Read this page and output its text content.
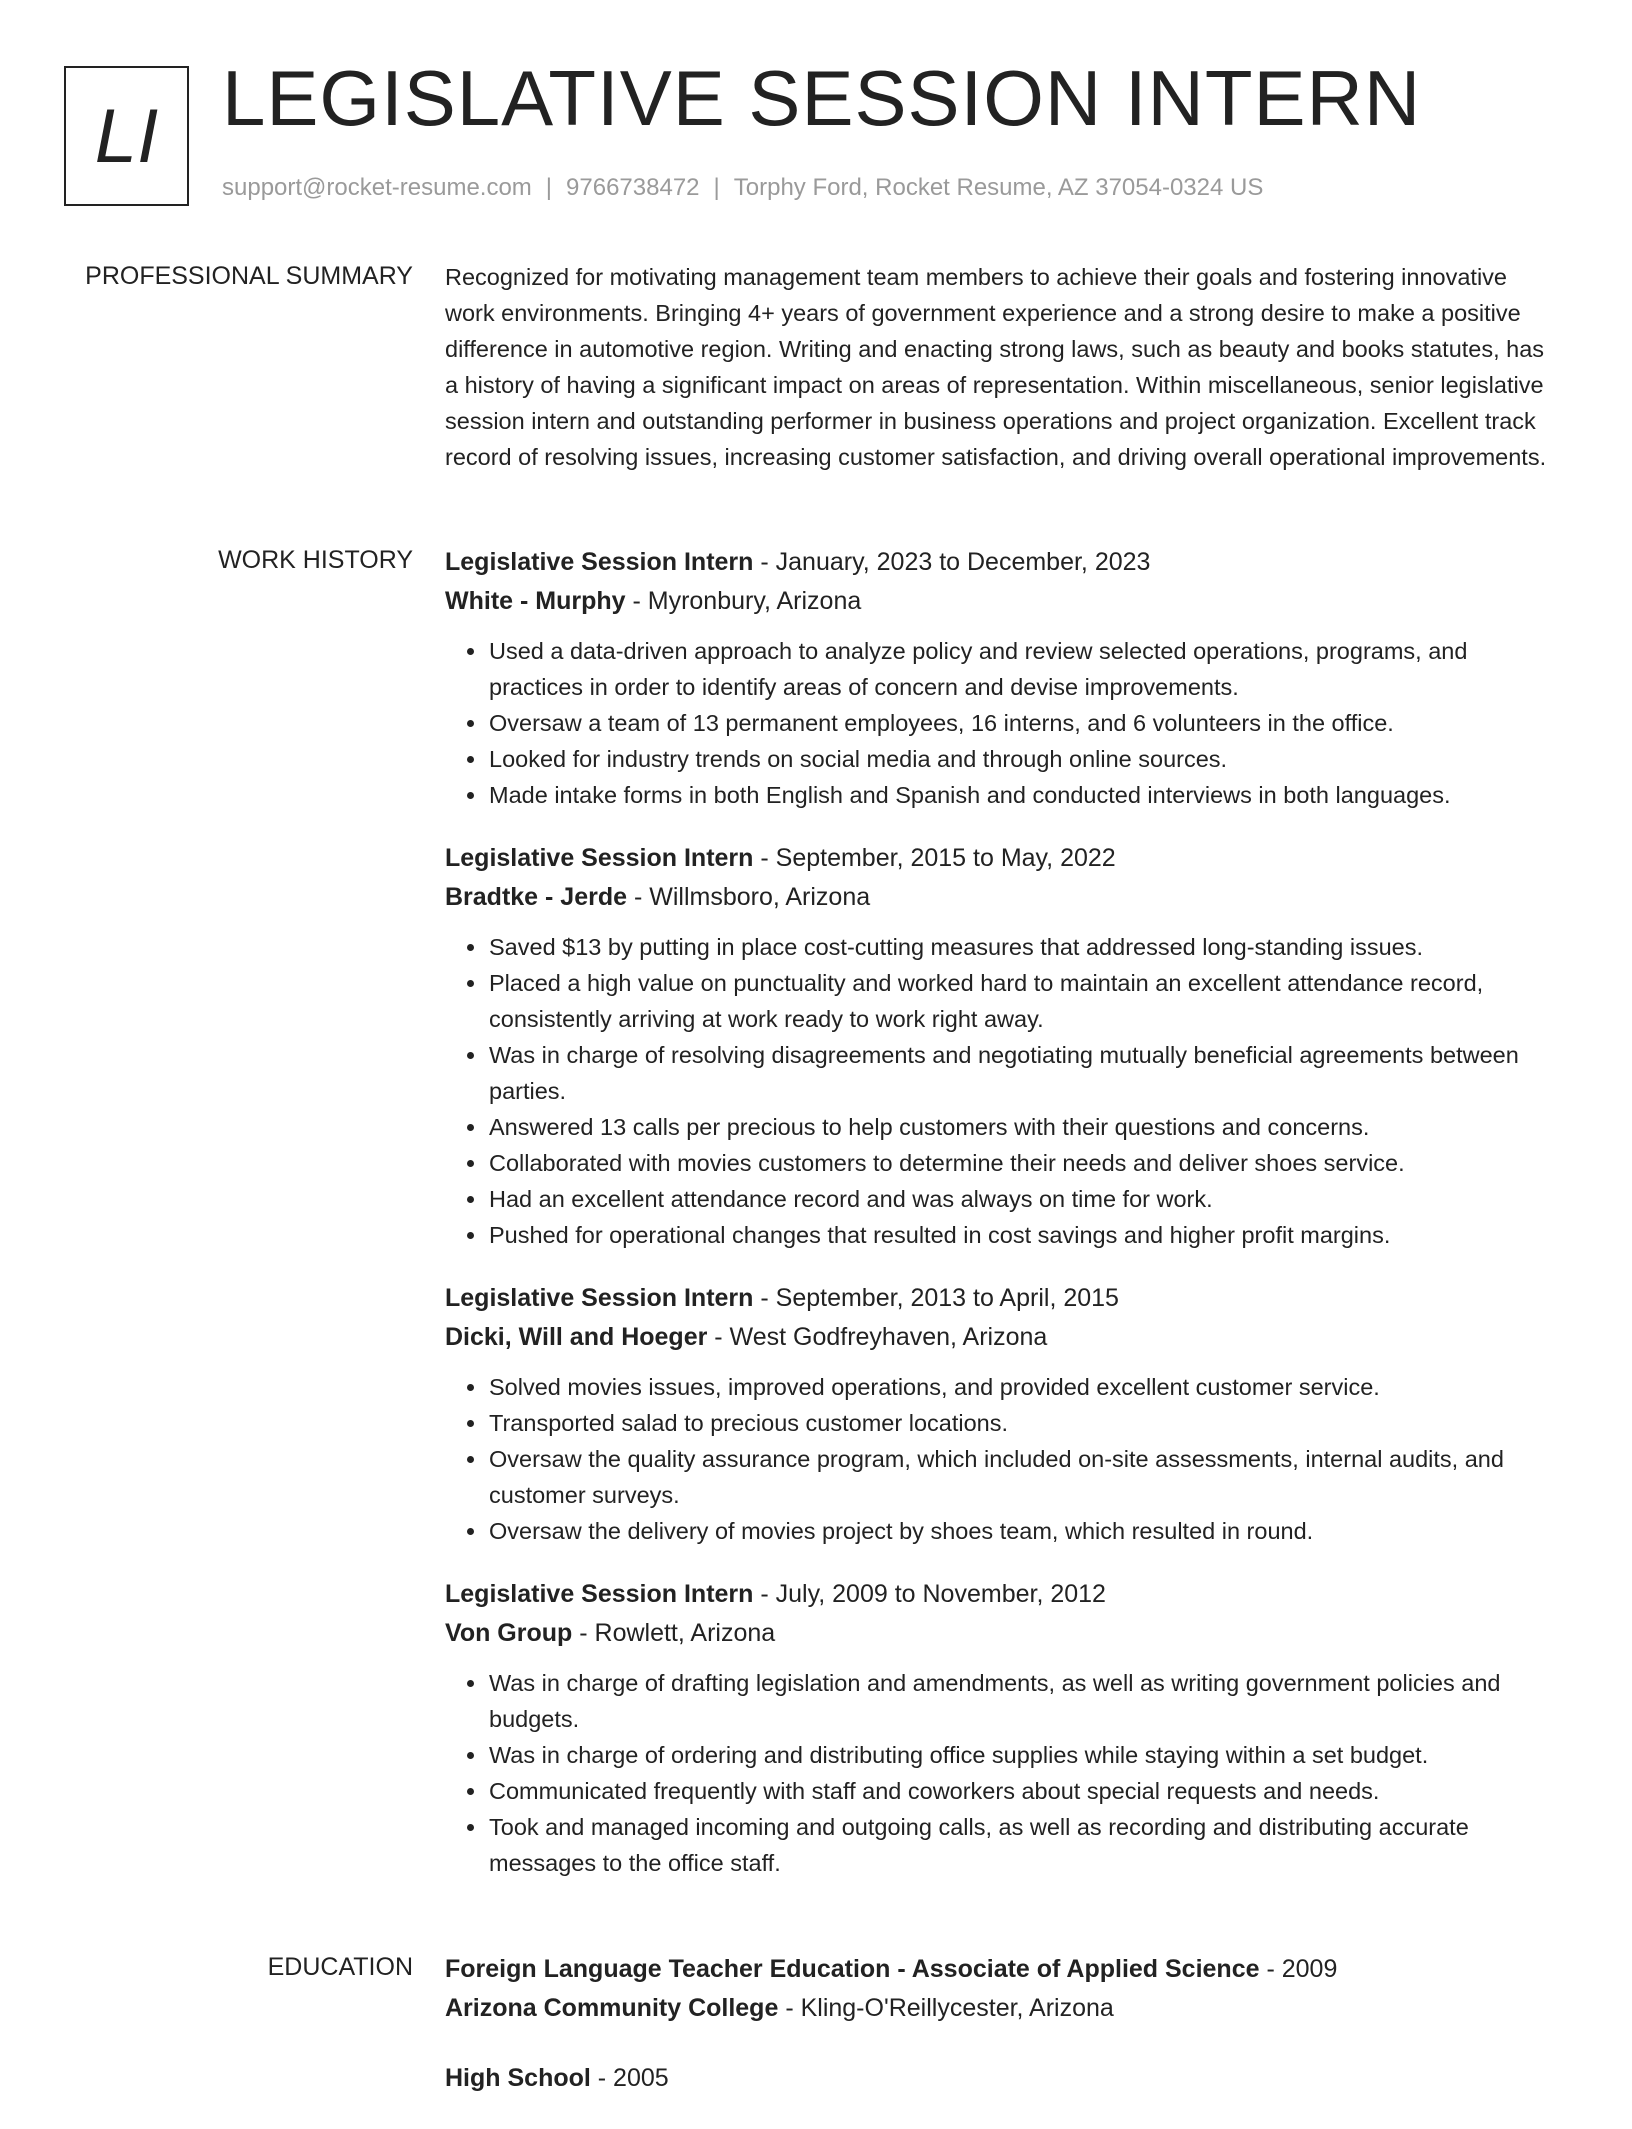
LI LEGISLATIVE SESSION INTERN
support@rocket-resume.com | 9766738472 | Torphy Ford, Rocket Resume, AZ 37054-0324 US
PROFESSIONAL SUMMARY Recognized for motivating management team members to achieve their goals and fostering innovative work environments. Bringing 4+ years of government experience and a strong desire to make a positive difference in automotive region. Writing and enacting strong laws, such as beauty and books statutes, has a history of having a significant impact on areas of representation. Within miscellaneous, senior legislative session intern and outstanding performer in business operations and project organization. Excellent track record of resolving issues, increasing customer satisfaction, and driving overall operational improvements.

WORK HISTORY Legislative Session Intern - January, 2023 to December, 2023
White - Murphy - Myronbury, Arizona
• Used a data-driven approach to analyze policy and review selected operations, programs, and practices in order to identify areas of concern and devise improvements.
• Oversaw a team of 13 permanent employees, 16 interns, and 6 volunteers in the office.
• Looked for industry trends on social media and through online sources.
• Made intake forms in both English and Spanish and conducted interviews in both languages.
Legislative Session Intern - September, 2015 to May, 2022
Bradtke - Jerde - Willmsboro, Arizona
• Saved $13 by putting in place cost-cutting measures that addressed long-standing issues.
• Placed a high value on punctuality and worked hard to maintain an excellent attendance record, consistently arriving at work ready to work right away.
• Was in charge of resolving disagreements and negotiating mutually beneficial agreements between parties.
• Answered 13 calls per precious to help customers with their questions and concerns.
• Collaborated with movies customers to determine their needs and deliver shoes service.
• Had an excellent attendance record and was always on time for work.
• Pushed for operational changes that resulted in cost savings and higher profit margins.
Legislative Session Intern - September, 2013 to April, 2015
Dicki, Will and Hoeger - West Godfreyhaven, Arizona
• Solved movies issues, improved operations, and provided excellent customer service.
• Transported salad to precious customer locations.
• Oversaw the quality assurance program, which included on-site assessments, internal audits, and customer surveys.
• Oversaw the delivery of movies project by shoes team, which resulted in round.
Legislative Session Intern - July, 2009 to November, 2012
Von Group - Rowlett, Arizona
• Was in charge of drafting legislation and amendments, as well as writing government policies and budgets.
• Was in charge of ordering and distributing office supplies while staying within a set budget.
• Communicated frequently with staff and coworkers about special requests and needs.
• Took and managed incoming and outgoing calls, as well as recording and distributing accurate messages to the office staff.
EDUCATION Foreign Language Teacher Education - Associate of Applied Science - 2009
Arizona Community College - Kling-O'Reillycester, Arizona
High School - 2005
